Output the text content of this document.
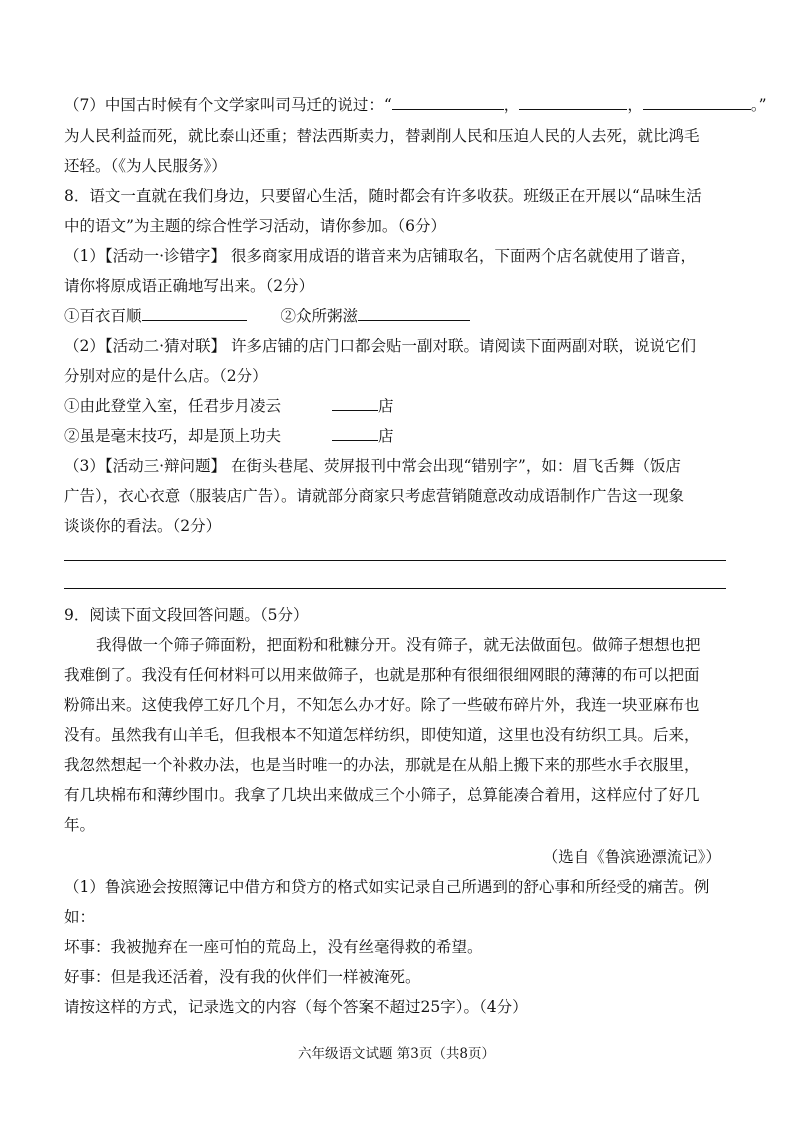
（7）中国古时候有个文学家叫司马迁的说过：“	，	，	。”
为人民利益而死，就比泰山还重；替法西斯卖力，替剥削人民和压迫人民的人去死，就比鸿毛
还轻。（《为人民服务》）
8．语文一直就在我们身边，只要留心生活，随时都会有许多收获。班级正在开展以“品味生活
中的语文”为主题的综合性学习活动，请你参加。（6分）
（1）【活动一·诊错字】 很多商家用成语的谐音来为店铺取名，下面两个店名就使用了谐音，
请你将原成语正确地写出来。（2分）
①百衣百顺	②众所粥滋
（2）【活动二·猜对联】 许多店铺的店门口都会贴一副对联。请阅读下面两副对联，说说它们
分别对应的是什么店。（2分）
①由此登堂入室，任君步月凌云	店
②虽是毫末技巧，却是顶上功夫	店
（3）【活动三·辩问题】 在街头巷尾、荧屏报刊中常会出现“错别字”，如：眉飞舌舞（饭店
广告），衣心衣意（服装店广告）。请就部分商家只考虑营销随意改动成语制作广告这一现象
谈谈你的看法。（2分）
9．阅读下面文段回答问题。（5分）
我得做一个筛子筛面粉，把面粉和秕糠分开。没有筛子，就无法做面包。做筛子想想也把
我难倒了。我没有任何材料可以用来做筛子，也就是那种有很细很细网眼的薄薄的布可以把面
粉筛出来。这使我停工好几个月，不知怎么办才好。除了一些破布碎片外，我连一块亚麻布也
没有。虽然我有山羊毛，但我根本不知道怎样纺织，即使知道，这里也没有纺织工具。后来，
我忽然想起一个补救办法，也是当时唯一的办法，那就是在从船上搬下来的那些水手衣服里，
有几块棉布和薄纱围巾。我拿了几块出来做成三个小筛子，总算能凑合着用，这样应付了好几
年。
（选自《鲁滨逊漂流记》）
（1）鲁滨逊会按照簿记中借方和贷方的格式如实记录自己所遇到的舒心事和所经受的痛苦。例
如：
坏事：我被抛弃在一座可怕的荒岛上，没有丝毫得救的希望。
好事：但是我还活着，没有我的伙伴们一样被淹死。
请按这样的方式，记录选文的内容（每个答案不超过25字）。（4分）
六年级语文试题 第3页（共8页）
